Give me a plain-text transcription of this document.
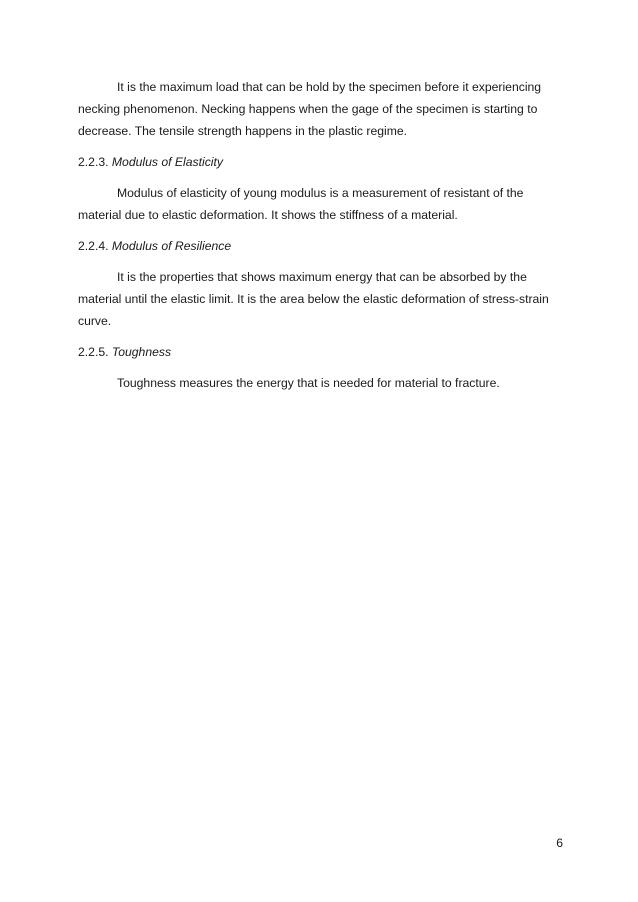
It is the maximum load that can be hold by the specimen before it experiencing necking phenomenon. Necking happens when the gage of the specimen is starting to decrease. The tensile strength happens in the plastic regime.

2.2.3. Modulus of Elasticity

Modulus of elasticity of young modulus is a measurement of resistant of the material due to elastic deformation. It shows the stiffness of a material.

2.2.4. Modulus of Resilience

It is the properties that shows maximum energy that can be absorbed by the material until the elastic limit. It is the area below the elastic deformation of stress-strain curve.

2.2.5. Toughness

Toughness measures the energy that is needed for material to fracture.

6
